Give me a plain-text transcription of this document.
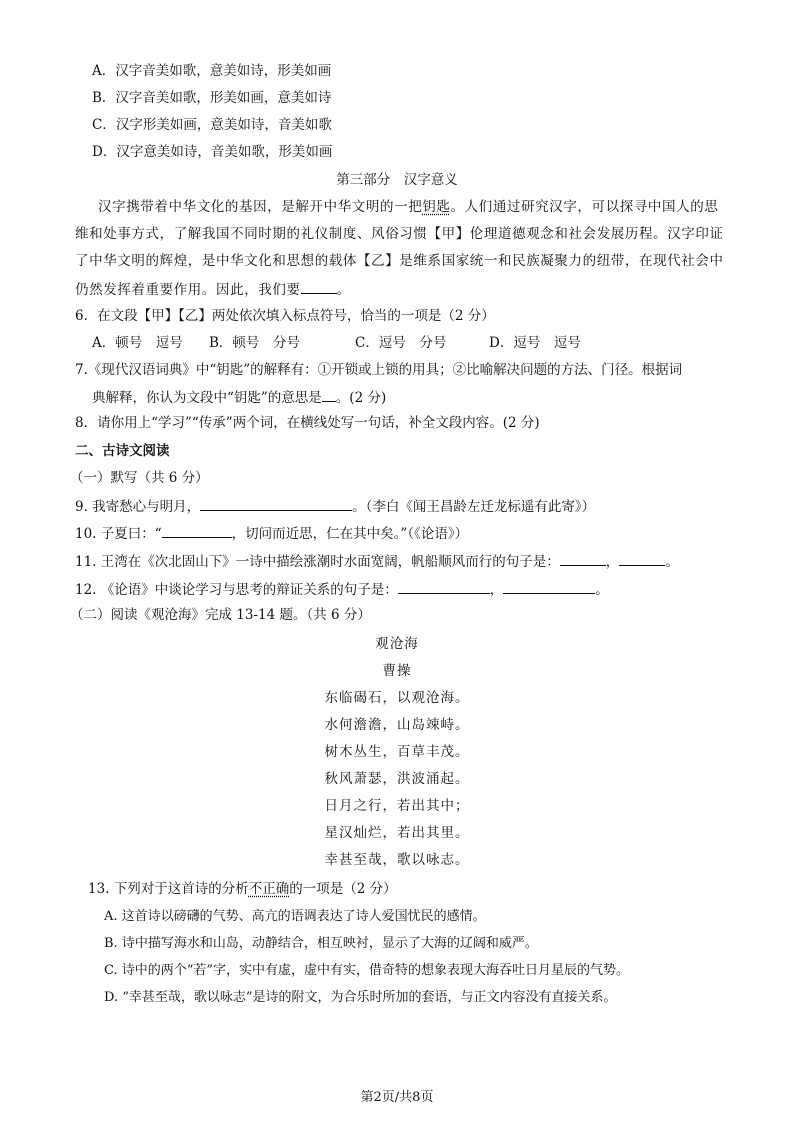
A．汉字音美如歌，意美如诗，形美如画
B．汉字音美如歌，形美如画，意美如诗
C．汉字形美如画，意美如诗，音美如歌
D．汉字意美如诗，音美如歌，形美如画
第三部分　汉字意义
汉字携带着中华文化的基因，是解开中华文明的一把钥匙。人们通过研究汉字，可以探寻中国人的思
维和处事方式，了解我国不同时期的礼仪制度、风俗习惯【甲】伦理道德观念和社会发展历程。汉字印证
了中华文明的辉煌，是中华文化和思想的载体【乙】是维系国家统一和民族凝聚力的纽带，在现代社会中
仍然发挥着重要作用。因此，我们要	。
6．在文段【甲】【乙】两处依次填入标点符号，恰当的一项是（2 分）
A．顿号　逗号 B．顿号　分号	C．逗号　分号	D．逗号　逗号
7.《现代汉语词典》中“钥匙”的解释有：①开锁或上锁的用具；②比喻解决问题的方法、门径。根据词
典解释，你认为文段中“钥匙”的意思是 。(2 分)
8．请你用上“学习”“传承”两个词，在横线处写一句话，补全文段内容。(2 分)
二、古诗文阅读
（一）默写（共 6 分）
9. 我寄愁心与明月，	。（李白《闻王昌龄左迁龙标遥有此寄》）
10. 子夏曰：“	，切问而近思，仁在其中矣。”（《论语》）
11. 王湾在《次北固山下》一诗中描绘涨潮时水面宽阔，帆船顺风而行的句子是：	，	。
12. 《论语》中谈论学习与思考的辩证关系的句子是：	，	。
（二）阅读《观沧海》完成 13-14 题。（共 6 分）
观沧海
曹操
东临碣石，以观沧海。
水何澹澹，山岛竦峙。
树木丛生，百草丰茂。
秋风萧瑟，洪波涌起。
日月之行，若出其中；
星汉灿烂，若出其里。
幸甚至哉，歌以咏志。
13. 下列对于这首诗的分析不正确的一项是（2 分）
A. 这首诗以磅礴的气势、高亢的语调表达了诗人爱国忧民的感情。
B. 诗中描写海水和山岛，动静结合，相互映衬，显示了大海的辽阔和威严。
C. 诗中的两个“若”字，实中有虚，虚中有实，借奇特的想象表现大海吞吐日月星辰的气势。
D. “幸甚至哉，歌以咏志”是诗的附文，为合乐时所加的套语，与正文内容没有直接关系。
第2页/共8页
